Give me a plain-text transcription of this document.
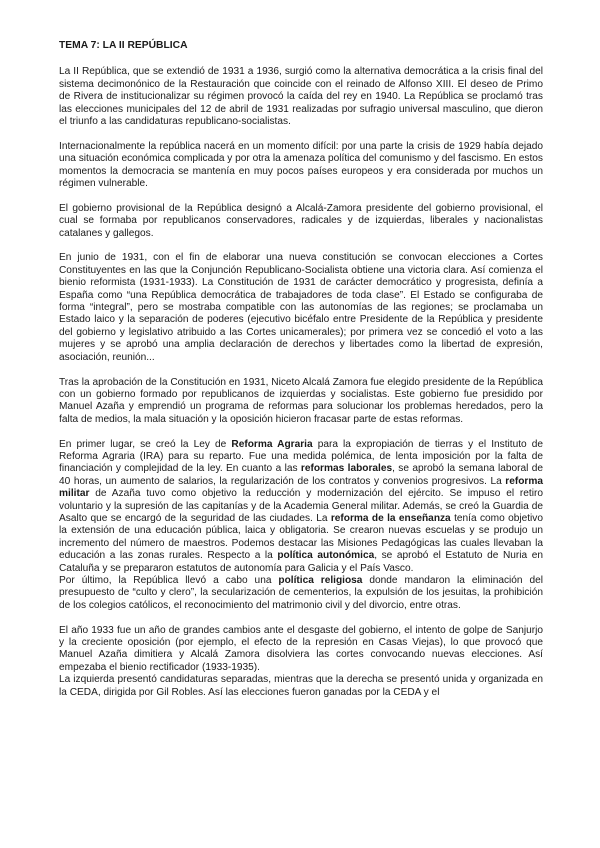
TEMA 7: LA II REPÚBLICA

La II República, que se extendió de 1931 a 1936, surgió como la alternativa democrática a la crisis final del sistema decimonónico de la Restauración que coincide con el reinado de Alfonso XIII. El deseo de Primo de Rivera de institucionalizar su régimen provocó la caída del rey en 1940. La República se proclamó tras las elecciones municipales del 12 de abril de 1931 realizadas por sufragio universal masculino, que dieron el triunfo a las candidaturas republicano-socialistas.

Internacionalmente la república nacerá en un momento difícil: por una parte la crisis de 1929 había dejado una situación económica complicada y por otra la amenaza política del comunismo y del fascismo. En estos momentos la democracia se mantenía en muy pocos países europeos y era considerada por muchos un régimen vulnerable.

El gobierno provisional de la República designó a Alcalá-Zamora presidente del gobierno provisional, el cual se formaba por republicanos conservadores, radicales y de izquierdas, liberales y nacionalistas catalanes y gallegos.

En junio de 1931, con el fin de elaborar una nueva constitución se convocan elecciones a Cortes Constituyentes en las que la Conjunción Republicano-Socialista obtiene una victoria clara. Así comienza el bienio reformista (1931-1933). La Constitución de 1931 de carácter democrático y progresista, definía a España como “una República democrática de trabajadores de toda clase”. El Estado se configuraba de forma “integral”, pero se mostraba compatible con las autonomías de las regiones; se proclamaba un Estado laico y la separación de poderes (ejecutivo bicéfalo entre Presidente de la República y presidente del gobierno y legislativo atribuido a las Cortes unicamerales); por primera vez se concedió el voto a las mujeres y se aprobó una amplia declaración de derechos y libertades como la libertad de expresión, asociación, reunión...

Tras la aprobación de la Constitución en 1931, Niceto Alcalá Zamora fue elegido presidente de la República con un gobierno formado por republicanos de izquierdas y socialistas. Este gobierno fue presidido por Manuel Azaña y emprendió un programa de reformas para solucionar los problemas heredados, pero la falta de medios, la mala situación y la oposición hicieron fracasar parte de estas reformas.

En primer lugar, se creó la Ley de Reforma Agraria para la expropiación de tierras y el Instituto de Reforma Agraria (IRA) para su reparto. Fue una medida polémica, de lenta imposición por la falta de financiación y complejidad de la ley. En cuanto a las reformas laborales, se aprobó la semana laboral de 40 horas, un aumento de salarios, la regularización de los contratos y convenios progresivos. La reforma militar de Azaña tuvo como objetivo la reducción y modernización del ejército. Se impuso el retiro voluntario y la supresión de las capitanías y de la Academia General militar. Además, se creó la Guardia de Asalto que se encargó de la seguridad de las ciudades. La reforma de la enseñanza tenía como objetivo la extensión de una educación pública, laica y obligatoria. Se crearon nuevas escuelas y se produjo un incremento del número de maestros. Podemos destacar las Misiones Pedagógicas las cuales llevaban la educación a las zonas rurales. Respecto a la política autonómica, se aprobó el Estatuto de Nuria en Cataluña y se prepararon estatutos de autonomía para Galicia y el País Vasco.

Por último, la República llevó a cabo una política religiosa donde mandaron la eliminación del presupuesto de “culto y clero”, la secularización de cementerios, la expulsión de los jesuitas, la prohibición de los colegios católicos, el reconocimiento del matrimonio civil y del divorcio, entre otras.

El año 1933 fue un año de grandes cambios ante el desgaste del gobierno, el intento de golpe de Sanjurjo y la creciente oposición (por ejemplo, el efecto de la represión en Casas Viejas), lo que provocó que Manuel Azaña dimitiera y Alcalá Zamora disolviera las cortes convocando nuevas elecciones. Así empezaba el bienio rectificador (1933-1935).

La izquierda presentó candidaturas separadas, mientras que la derecha se presentó unida y organizada en la CEDA, dirigida por Gil Robles. Así las elecciones fueron ganadas por la CEDA y el
